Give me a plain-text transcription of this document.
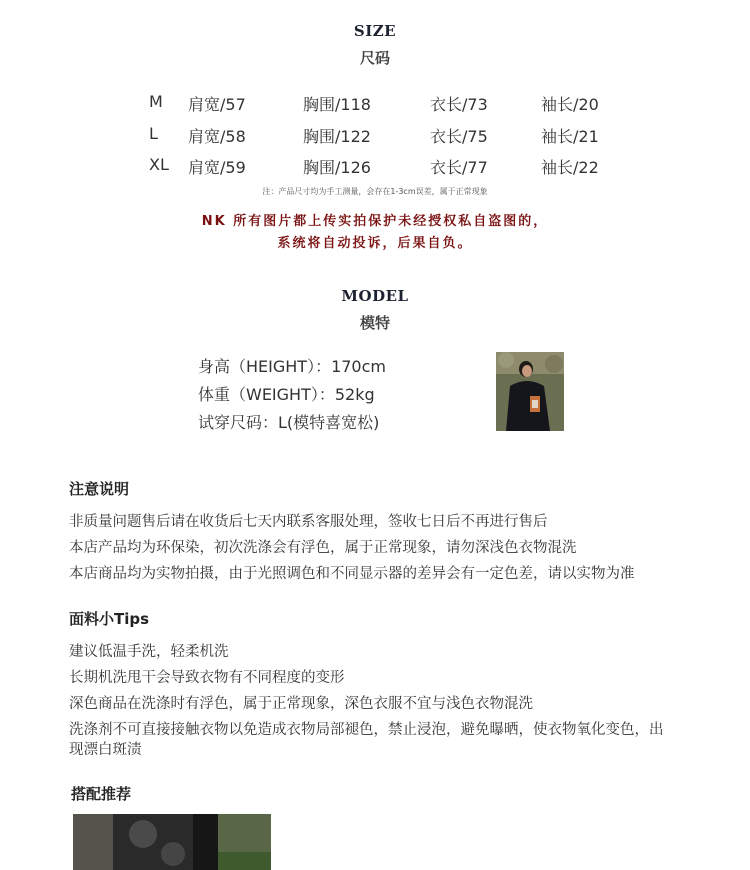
SIZE
尺码
M 肩宽/57	胸围/118	衣长/73	袖长/20
L 肩宽/58	胸围/122	衣长/75	袖长/21
XL 肩宽/59	胸围/126	衣长/77	袖长/22
注：产品尺寸均为手工测量，会存在1-3cm误差，属于正常现象
NK 所有图片都上传实拍保护未经授权私自盗图的，
系统将自动投诉，后果自负。
MODEL
模特
身高（HEIGHT）：170cm
体重（WEIGHT）：52kg
试穿尺码：L(模特喜宽松)
注意说明
非质量问题售后请在收货后七天内联系客服处理，签收七日后不再进行售后
本店产品均为环保染，初次洗涤会有浮色，属于正常现象，请勿深浅色衣物混洗
本店商品均为实物拍摄，由于光照调色和不同显示器的差异会有一定色差，请以实物为准
面料小Tips
建议低温手洗，轻柔机洗
长期机洗甩干会导致衣物有不同程度的变形
深色商品在洗涤时有浮色，属于正常现象，深色衣服不宜与浅色衣物混洗
洗涤剂不可直接接触衣物以免造成衣物局部褪色，禁止浸泡，避免曝晒，使衣物氧化变色，出
现漂白斑渍
搭配推荐
